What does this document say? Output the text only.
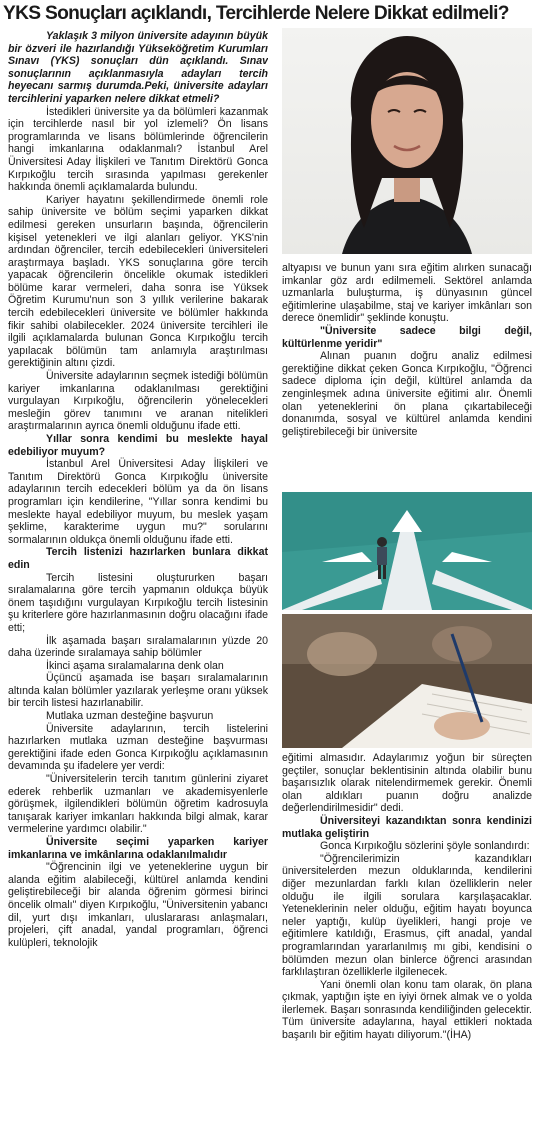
YKS Sonuçları açıklandı, Tercihlerde Nelere Dikkat edilmeli?

Yaklaşık 3 milyon üniversite adayının büyük bir özveri ile hazırlandığı Yükseköğretim Kurumları Sınavı (YKS) sonuçları dün açıklandı. Sınav sonuçlarının açıklanmasıyla adayları tercih heyecanı sarmış durumda.Peki, üniversite adayları tercihlerini yaparken nelere dikkat etmeli?

İstedikleri üniversite ya da bölümleri kazanmak için tercihlerde nasıl bir yol izlemeli? Ön lisans programlarında ve lisans bölümlerinde öğrencilerin hangi imkanlarına odaklanmalı? İstanbul Arel Üniversitesi Aday İlişkileri ve Tanıtım Direktörü Gonca Kırpıkoğlu tercih sırasında yapılması gerekenler hakkında önemli açıklamalarda bulundu.

Kariyer hayatını şekillendirmede önemli role sahip üniversite ve bölüm seçimi yaparken dikkat edilmesi gereken unsurların başında, öğrencilerin kişisel yetenekleri ve ilgi alanları geliyor. YKS'nin ardından öğrenciler, tercih edebilecekleri üniversiteleri araştırmaya başladı. YKS sonuçlarına göre tercih yapacak öğrencilerin öncelikle okumak istedikleri bölüme karar vermeleri, daha sonra ise Yüksek Öğretim Kurumu'nun son 3 yıllık verilerine bakarak tercih edebilecekleri üniversite ve bölümler hakkında fikir sahibi olabilecekler. 2024 üniversite tercihleri ile ilgili açıklamalarda bulunan Gonca Kırpıkoğlu tercih yapılacak bölümün tam anlamıyla araştırılması gerektiğinin altını çizdi.

Üniversite adaylarının seçmek istediği bölümün kariyer imkanlarına odaklanılması gerektiğini vurgulayan Kırpıkoğlu, öğrencilerin yönelecekleri mesleğin görev tanımını ve aranan nitelikleri araştırmalarının ayrıca önemli olduğunu ifade etti.

Yıllar sonra kendimi bu meslekte hayal edebiliyor muyum?

İstanbul Arel Üniversitesi Aday İlişkileri ve Tanıtım Direktörü Gonca Kırpıkoğlu üniversite adaylarının tercih edecekleri bölüm ya da ön lisans programları için kendilerine, "Yıllar sonra kendimi bu meslekte hayal edebiliyor muyum, bu meslek yaşam şeklime, karakterime uygun mu?" sorularını sormalarının oldukça önemli olduğunu ifade etti.

Tercih listenizi hazırlarken bunlara dikkat edin

Tercih listesini oluştururken başarı sıralamalarına göre tercih yapmanın oldukça büyük önem taşıdığını vurgulayan Kırpıkoğlu tercih listesinin şu kriterlere göre hazırlanmasının doğru olacağını ifade etti;

İlk aşamada başarı sıralamalarının yüzde 20 daha üzerinde sıralamaya sahip bölümler

İkinci aşama sıralamalarına denk olan

Üçüncü aşamada ise başarı sıralamalarının altında kalan bölümler yazılarak yerleşme oranı yüksek bir tercih listesi hazırlanabilir.

Mutlaka uzman desteğine başvurun

Üniversite adaylarının, tercih listelerini hazırlarken mutlaka uzman desteğine başvurması gerektiğini ifade eden Gonca Kırpıkoğlu açıklamasının devamında şu ifadelere yer verdi:

"Üniversitelerin tercih tanıtım günlerini ziyaret ederek rehberlik uzmanları ve akademisyenlerle görüşmek, ilgilendikleri bölümün öğretim kadrosuyla tanışarak kariyer imkanları hakkında bilgi almak, karar vermelerine yardımcı olabilir."

Üniversite seçimi yaparken kariyer imkanlarına ve imkânlarına odaklanılmalıdır

"Öğrencinin ilgi ve yeteneklerine uygun bir alanda eğitim alabileceği, kültürel anlamda kendini geliştirebileceği bir alanda öğrenim görmesi birinci öncelik olmalı" diyen Kırpıkoğlu, "Üniversitenin yabancı dil, yurt dışı imkanları, uluslararası anlaşmaları, projeleri, çift anadal, yandal programları, öğrenci kulüpleri, teknolojik

altyapısı ve bunun yanı sıra eğitim alırken sunacağı imkanlar göz ardı edilmemeli. Sektörel anlamda uzmanlarla buluşturma, iş dünyasının güncel eğitimlerine ulaşabilme, staj ve kariyer imkânları son derece önemlidir" şeklinde konuştu.

"Üniversite sadece bilgi değil, kültürlenme yeridir"

Alınan puanın doğru analiz edilmesi gerektiğine dikkat çeken Gonca Kırpıkoğlu, "Öğrenci sadece diploma için değil, kültürel anlamda da zenginleşmek adına üniversite eğitimi alır. Önemli olan yeteneklerini ön plana çıkartabileceği donanımda, sosyal ve kültürel anlamda kendini geliştirebileceği bir üniversite

eğitimi almasıdır. Adaylarımız yoğun bir süreçten geçtiler, sonuçlar beklentisinin altında olabilir bunu başarısızlık olarak nitelendirmemek gerekir. Önemli olan aldıkları puanın doğru analizde değerlendirilmesidir" dedi.

Üniversiteyi kazandıktan sonra kendinizi mutlaka geliştirin

Gonca Kırpıkoğlu sözlerini şöyle sonlandırdı:

"Öğrencilerimizin kazandıkları üniversitelerden mezun olduklarında, kendilerini diğer mezunlardan farklı kılan özelliklerin neler olduğu ile ilgili sorulara karşılaşacaklar. Yeteneklerinin neler olduğu, eğitim hayatı boyunca neler yaptığı, kulüp üyelikleri, hangi proje ve eğitimlere katıldığı, Erasmus, çift anadal, yandal programlarından yararlanılmış mı gibi, kendisini o bölümden mezun olan binlerce öğrenci arasından farklılaştıran özelliklerle ilgilenecek.

Yani önemli olan konu tam olarak, ön plana çıkmak, yaptığın işte en iyiyi örnek almak ve o yolda ilerlemek. Başarı sonrasında kendiliğinden gelecektir. Tüm üniversite adaylarına, hayal ettikleri noktada başarılı bir eğitim hayatı diliyorum."(İHA)
